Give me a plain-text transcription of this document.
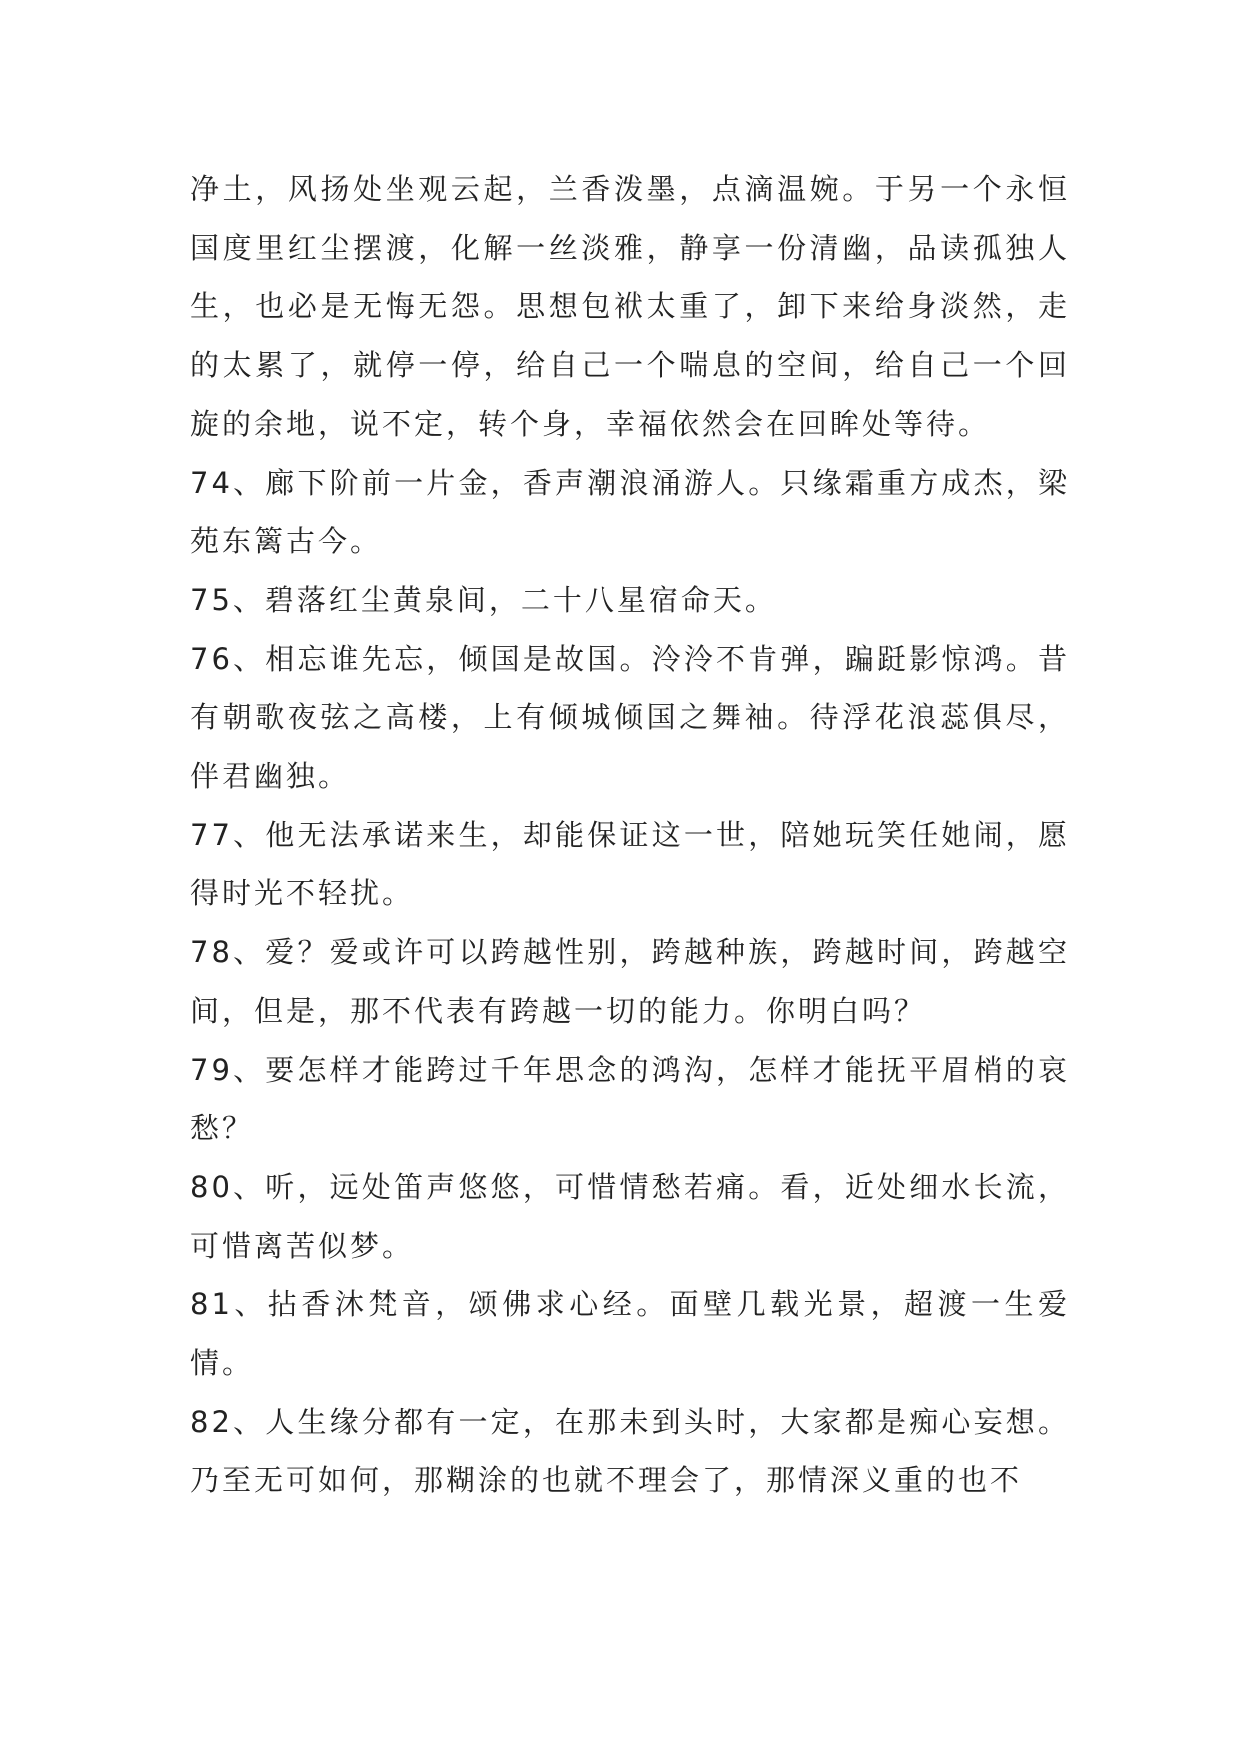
净土，风扬处坐观云起，兰香泼墨，点滴温婉。于另一个永恒国度里红尘摆渡，化解一丝淡雅，静享一份清幽，品读孤独人生，也必是无悔无怨。思想包袱太重了，卸下来给身淡然，走的太累了，就停一停，给自己一个喘息的空间，给自己一个回旋的余地，说不定，转个身，幸福依然会在回眸处等待。

74、廊下阶前一片金，香声潮浪涌游人。只缘霜重方成杰，梁苑东篱古今。

75、碧落红尘黄泉间，二十八星宿命天。

76、相忘谁先忘，倾国是故国。泠泠不肯弹，蹁跹影惊鸿。昔有朝歌夜弦之高楼，上有倾城倾国之舞袖。待浮花浪蕊俱尽，伴君幽独。

77、他无法承诺来生，却能保证这一世，陪她玩笑任她闹，愿得时光不轻扰。

78、爱？爱或许可以跨越性别，跨越种族，跨越时间，跨越空间，但是，那不代表有跨越一切的能力。你明白吗？

79、要怎样才能跨过千年思念的鸿沟，怎样才能抚平眉梢的哀愁？

80、听，远处笛声悠悠，可惜情愁若痛。看，近处细水长流，可惜离苦似梦。

81、拈香沐梵音，颂佛求心经。面壁几载光景，超渡一生爱情。

82、人生缘分都有一定，在那未到头时，大家都是痴心妄想。乃至无可如何，那糊涂的也就不理会了，那情深义重的也不
